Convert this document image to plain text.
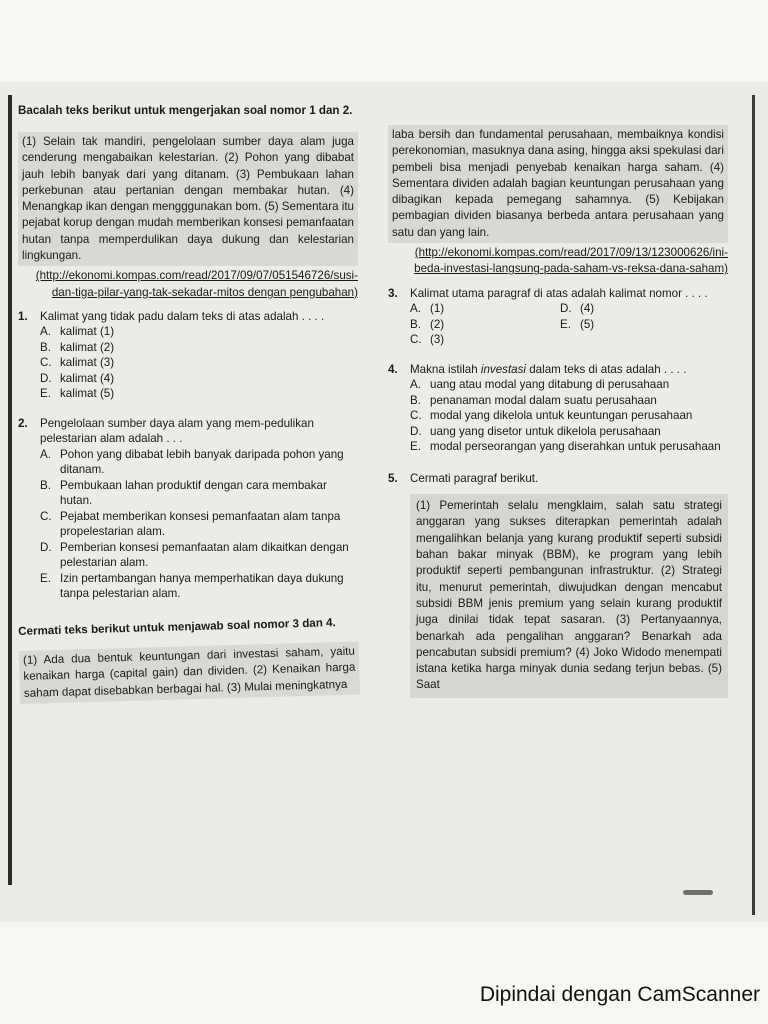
Bacalah teks berikut untuk mengerjakan soal nomor 1 dan 2.

(1) Selain tak mandiri, pengelolaan sumber daya alam juga cenderung mengabaikan kelestarian. (2) Pohon yang dibabat jauh lebih banyak dari yang ditanam. (3) Pembukaan lahan perkebunan atau pertanian dengan membakar hutan. (4) Menangkap ikan dengan mengggunakan bom. (5) Sementara itu pejabat korup dengan mudah memberikan konsesi pemanfaatan hutan tanpa memperdulikan daya dukung dan kelestarian lingkungan.

(http://ekonomi.kompas.com/read/2017/09/07/051546726/susi-dan-tiga-pilar-yang-tak-sekadar-mitos dengan pengubahan)

1.	Kalimat yang tidak padu dalam teks di atas adalah . . . .
A. kalimat (1)
B. kalimat (2)
C. kalimat (3)
D. kalimat (4)
E. kalimat (5)
2.	Pengelolaan sumber daya alam yang mem-pedulikan pelestarian alam adalah . . .
A. Pohon yang dibabat lebih banyak daripada pohon yang ditanam.
B. Pembukaan lahan produktif dengan cara membakar hutan.
C. Pejabat memberikan konsesi pemanfaatan alam tanpa propelestarian alam.
D. Pemberian konsesi pemanfaatan alam dikaitkan dengan pelestarian alam.
E. Izin pertambangan hanya memperhatikan daya dukung tanpa pelestarian alam.

Cermati teks berikut untuk menjawab soal nomor 3 dan 4.

(1) Ada dua bentuk keuntungan dari investasi saham, yaitu kenaikan harga (capital gain) dan dividen. (2) Kenaikan harga saham dapat disebabkan berbagai hal. (3) Mulai meningkatnya

laba bersih dan fundamental perusahaan, membaiknya kondisi perekonomian, masuknya dana asing, hingga aksi spekulasi dari pembeli bisa menjadi penyebab kenaikan harga saham. (4) Sementara dividen adalah bagian keuntungan perusahaan yang dibagikan kepada pemegang sahamnya. (5) Kebijakan pembagian dividen biasanya berbeda antara perusahaan yang satu dan yang lain.

(http://ekonomi.kompas.com/read/2017/09/13/123000626/ini-beda-investasi-langsung-pada-saham-vs-reksa-dana-saham)

3.	Kalimat utama paragraf di atas adalah kalimat nomor . . . .
A. (1)	D. (4)
B. (2)	E. (5)
C. (3)
4.	Makna istilah investasi dalam teks di atas adalah . . . .
A. uang atau modal yang ditabung di perusahaan
B. penanaman modal dalam suatu perusahaan
C. modal yang dikelola untuk keuntungan perusahaan
D. uang yang disetor untuk dikelola perusahaan
E. modal perseorangan yang diserahkan untuk perusahaan
5.	Cermati paragraf berikut.
(1) Pemerintah selalu mengklaim, salah satu strategi anggaran yang sukses diterapkan pemerintah adalah mengalihkan belanja yang kurang produktif seperti subsidi bahan bakar minyak (BBM), ke program yang lebih produktif seperti pembangunan infrastruktur. (2) Strategi itu, menurut pemerintah, diwujudkan dengan mencabut subsidi BBM jenis premium yang selain kurang produktif juga dinilai tidak tepat sasaran. (3) Pertanyaannya, benarkah ada pengalihan anggaran? Benarkah ada pencabutan subsidi premium? (4) Joko Widodo menempati istana ketika harga minyak dunia sedang terjun bebas. (5) Saat
Dipindai dengan CamScanner
